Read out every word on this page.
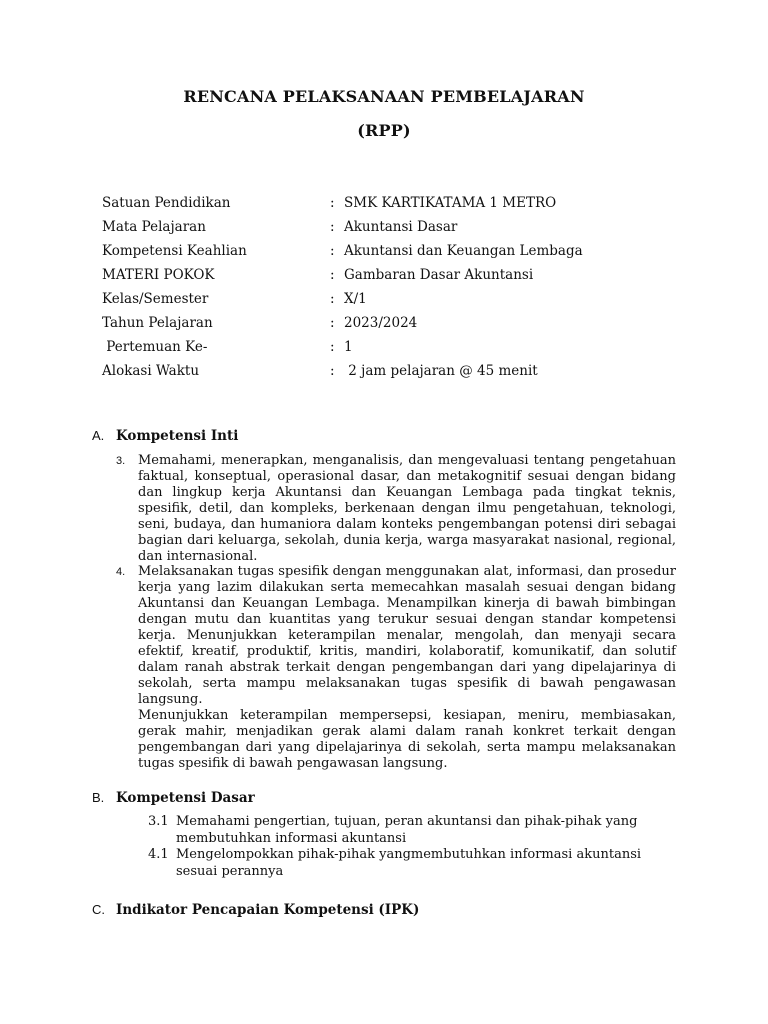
RENCANA PELAKSANAAN PEMBELAJARAN
(RPP)
Satuan Pendidikan	: SMK KARTIKATAMA 1 METRO
Mata Pelajaran	: Akuntansi Dasar
Kompetensi Keahlian	: Akuntansi dan Keuangan Lembaga
MATERI POKOK	: Gambaran Dasar Akuntansi
Kelas/Semester	: X/1
Tahun Pelajaran	: 2023/2024
Pertemuan Ke-	: 1
Alokasi Waktu	: 2 jam pelajaran @ 45 menit
A. Kompetensi Inti
3. Memahami, menerapkan, menganalisis, dan mengevaluasi tentang pengetahuan faktual, konseptual, operasional dasar, dan metakognitif sesuai dengan bidang dan lingkup kerja Akuntansi dan Keuangan Lembaga pada tingkat teknis, spesifik, detil, dan kompleks, berkenaan dengan ilmu pengetahuan, teknologi, seni, budaya, dan humaniora dalam konteks pengembangan potensi diri sebagai bagian dari keluarga, sekolah, dunia kerja, warga masyarakat nasional, regional, dan internasional.
4. Melaksanakan tugas spesifik dengan menggunakan alat, informasi, dan prosedur kerja yang lazim dilakukan serta memecahkan masalah sesuai dengan bidang Akuntansi dan Keuangan Lembaga. Menampilkan kinerja di bawah bimbingan dengan mutu dan kuantitas yang terukur sesuai dengan standar kompetensi kerja. Menunjukkan keterampilan menalar, mengolah, dan menyaji secara efektif, kreatif, produktif, kritis, mandiri, kolaboratif, komunikatif, dan solutif dalam ranah abstrak terkait dengan pengembangan dari yang dipelajarinya di sekolah, serta mampu melaksanakan tugas spesifik di bawah pengawasan langsung.
Menunjukkan keterampilan mempersepsi, kesiapan, meniru, membiasakan, gerak mahir, menjadikan gerak alami dalam ranah konkret terkait dengan pengembangan dari yang dipelajarinya di sekolah, serta mampu melaksanakan tugas spesifik di bawah pengawasan langsung.
B. Kompetensi Dasar
3.1 Memahami pengertian, tujuan, peran akuntansi dan pihak-pihak yang membutuhkan informasi akuntansi
4.1 Mengelompokkan pihak-pihak yangmembutuhkan informasi akuntansi sesuai perannya
C. Indikator Pencapaian Kompetensi (IPK)
